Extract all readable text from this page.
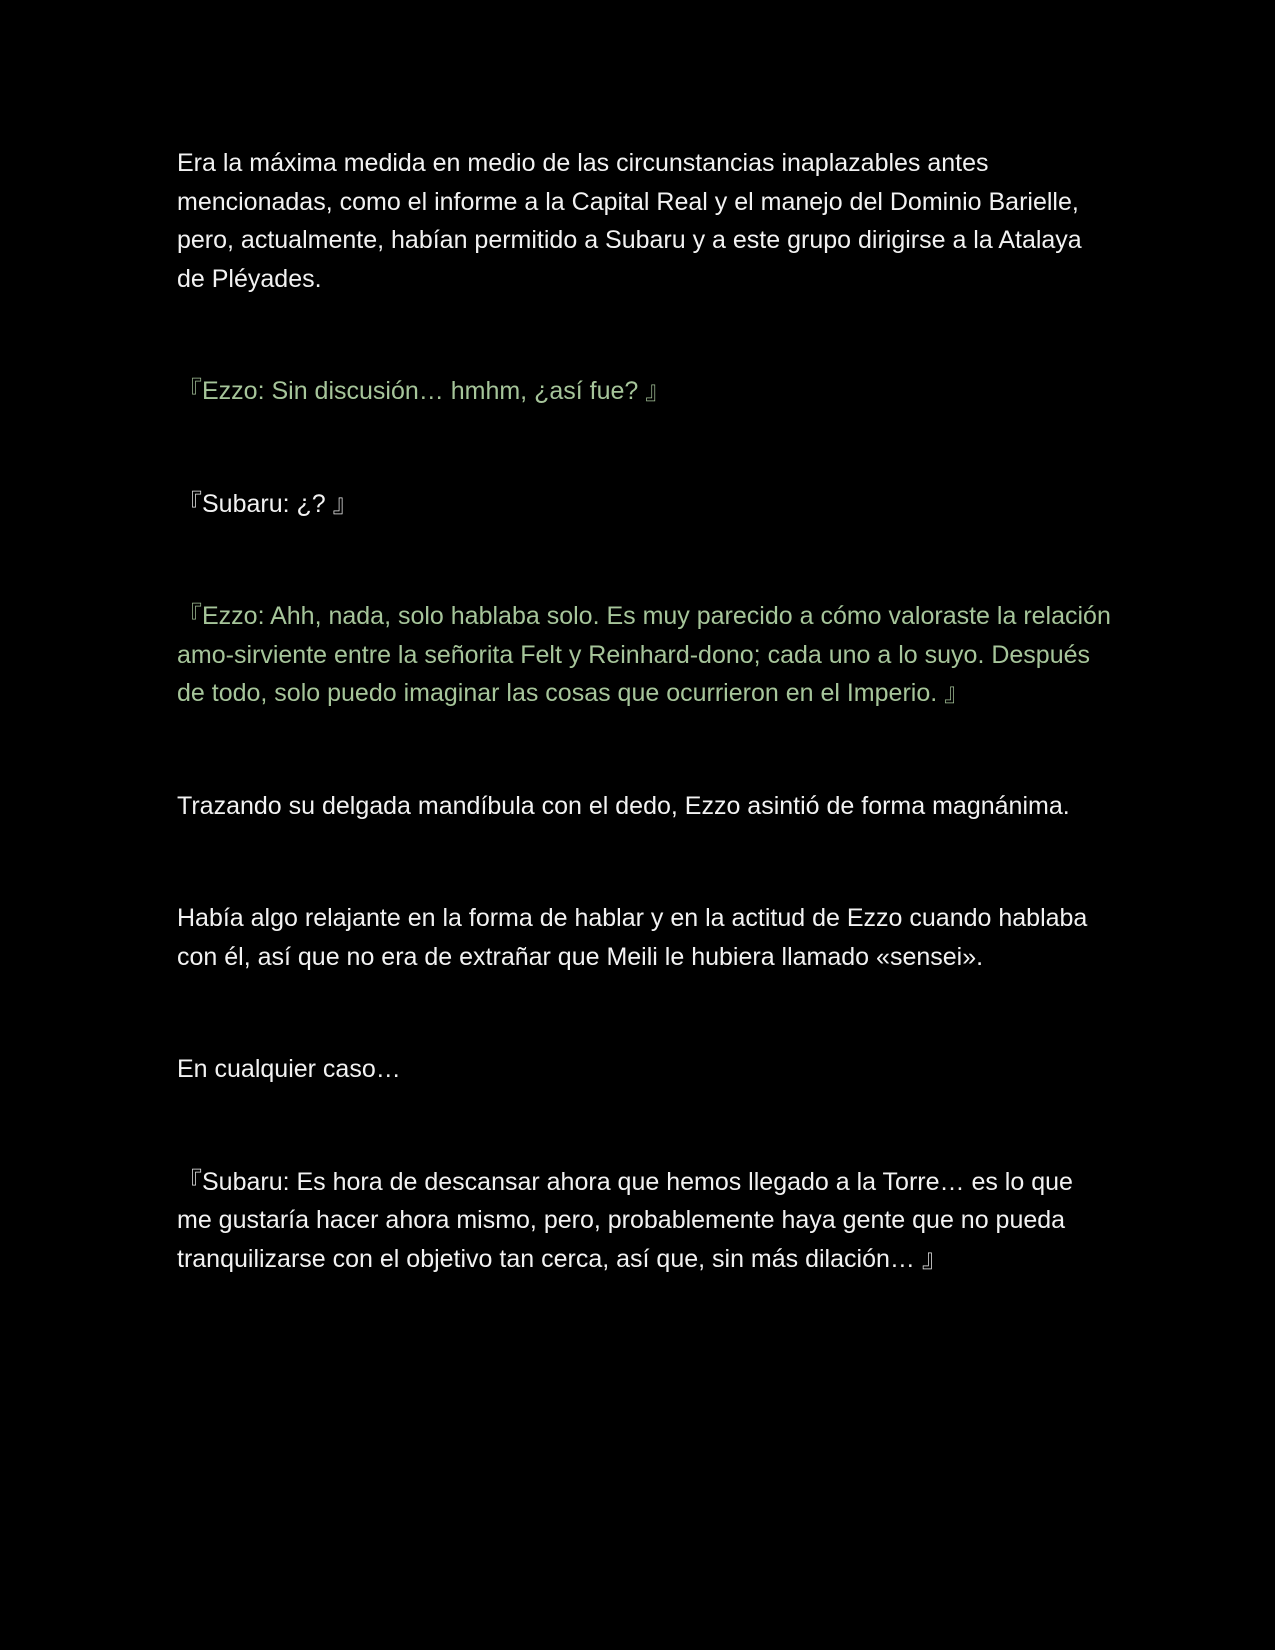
Era la máxima medida en medio de las circunstancias inaplazables antes mencionadas, como el informe a la Capital Real y el manejo del Dominio Barielle, pero, actualmente, habían permitido a Subaru y a este grupo dirigirse a la Atalaya de Pléyades.

『Ezzo: Sin discusión… hmhm, ¿así fue? 』

『Subaru: ¿? 』

『Ezzo: Ahh, nada, solo hablaba solo. Es muy parecido a cómo valoraste la relación amo-sirviente entre la señorita Felt y Reinhard-dono; cada uno a lo suyo. Después de todo, solo puedo imaginar las cosas que ocurrieron en el Imperio. 』

Trazando su delgada mandíbula con el dedo, Ezzo asintió de forma magnánima.

Había algo relajante en la forma de hablar y en la actitud de Ezzo cuando hablaba con él, así que no era de extrañar que Meili le hubiera llamado «sensei».

En cualquier caso…

『Subaru: Es hora de descansar ahora que hemos llegado a la Torre… es lo que me gustaría hacer ahora mismo, pero, probablemente haya gente que no pueda tranquilizarse con el objetivo tan cerca, así que, sin más dilación… 』
